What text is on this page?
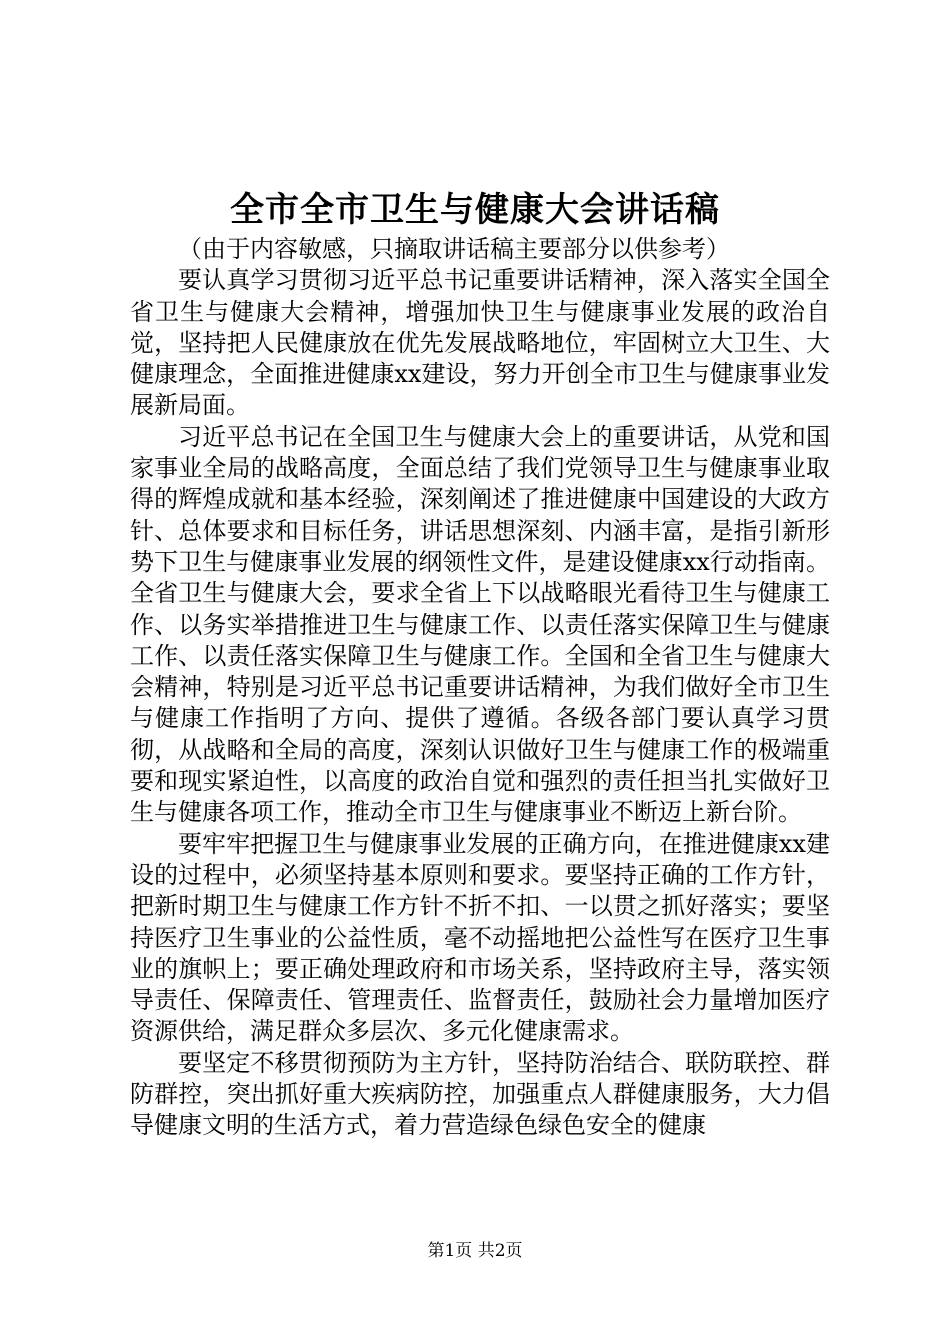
全市全市卫生与健康大会讲话稿

（由于内容敏感，只摘取讲话稿主要部分以供参考）

要认真学习贯彻习近平总书记重要讲话精神，深入落实全国全省卫生与健康大会精神，增强加快卫生与健康事业发展的政治自觉，坚持把人民健康放在优先发展战略地位，牢固树立大卫生、大健康理念，全面推进健康xx建设，努力开创全市卫生与健康事业发展新局面。

习近平总书记在全国卫生与健康大会上的重要讲话，从党和国家事业全局的战略高度，全面总结了我们党领导卫生与健康事业取得的辉煌成就和基本经验，深刻阐述了推进健康中国建设的大政方针、总体要求和目标任务，讲话思想深刻、内涵丰富，是指引新形势下卫生与健康事业发展的纲领性文件，是建设健康xx行动指南。全省卫生与健康大会，要求全省上下以战略眼光看待卫生与健康工作、以务实举措推进卫生与健康工作、以责任落实保障卫生与健康工作、以责任落实保障卫生与健康工作。全国和全省卫生与健康大会精神，特别是习近平总书记重要讲话精神，为我们做好全市卫生与健康工作指明了方向、提供了遵循。各级各部门要认真学习贯彻，从战略和全局的高度，深刻认识做好卫生与健康工作的极端重要和现实紧迫性，以高度的政治自觉和强烈的责任担当扎实做好卫生与健康各项工作，推动全市卫生与健康事业不断迈上新台阶。

要牢牢把握卫生与健康事业发展的正确方向，在推进健康xx建设的过程中，必须坚持基本原则和要求。要坚持正确的工作方针，把新时期卫生与健康工作方针不折不扣、一以贯之抓好落实；要坚持医疗卫生事业的公益性质，毫不动摇地把公益性写在医疗卫生事业的旗帜上；要正确处理政府和市场关系，坚持政府主导，落实领导责任、保障责任、管理责任、监督责任，鼓励社会力量增加医疗资源供给，满足群众多层次、多元化健康需求。

要坚定不移贯彻预防为主方针，坚持防治结合、联防联控、群防群控，突出抓好重大疾病防控，加强重点人群健康服务，大力倡导健康文明的生活方式，着力营造绿色绿色安全的健康

第1页 共2页
